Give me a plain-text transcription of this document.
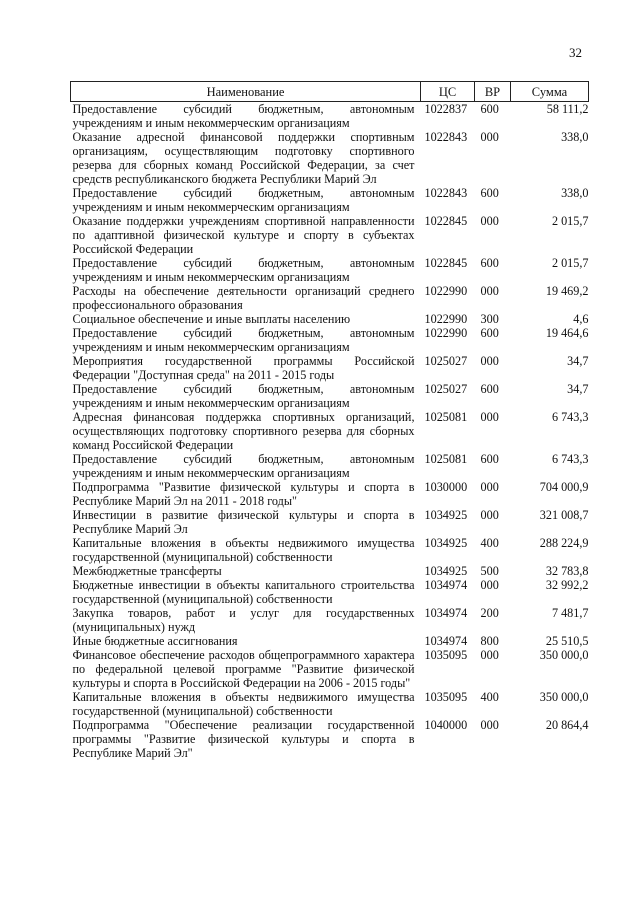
32
Наименование	ЦС	ВР	Сумма
Предоставление субсидий бюджетным, автономным учреждениям и иным некоммерческим организациям	1022837	600	58 111,2
Оказание адресной финансовой поддержки спортивным организациям, осуществляющим подготовку спортивного резерва для сборных команд Российской Федерации, за счет средств республиканского бюджета Республики Марий Эл	1022843	000	338,0
Предоставление субсидий бюджетным, автономным учреждениям и иным некоммерческим организациям	1022843	600	338,0
Оказание поддержки учреждениям спортивной направленности по адаптивной физической культуре и спорту в субъектах Российской Федерации	1022845	000	2 015,7
Предоставление субсидий бюджетным, автономным учреждениям и иным некоммерческим организациям	1022845	600	2 015,7
Расходы на обеспечение деятельности организаций среднего профессионального образования	1022990	000	19 469,2
Социальное обеспечение и иные выплаты населению	1022990	300	4,6
Предоставление субсидий бюджетным, автономным учреждениям и иным некоммерческим организациям	1022990	600	19 464,6
Мероприятия государственной программы Российской Федерации "Доступная среда" на 2011 - 2015 годы	1025027	000	34,7
Предоставление субсидий бюджетным, автономным учреждениям и иным некоммерческим организациям	1025027	600	34,7
Адресная финансовая поддержка спортивных организаций, осуществляющих подготовку спортивного резерва для сборных команд Российской Федерации	1025081	000	6 743,3
Предоставление субсидий бюджетным, автономным учреждениям и иным некоммерческим организациям	1025081	600	6 743,3
Подпрограмма "Развитие физической культуры и спорта в Республике Марий Эл на 2011 - 2018 годы"	1030000	000	704 000,9
Инвестиции в развитие физической культуры и спорта в Республике Марий Эл	1034925	000	321 008,7
Капитальные вложения в объекты недвижимого имущества государственной (муниципальной) собственности	1034925	400	288 224,9
Межбюджетные трансферты	1034925	500	32 783,8
Бюджетные инвестиции в объекты капитального строительства государственной (муниципальной) собственности	1034974	000	32 992,2
Закупка товаров, работ и услуг для государственных (муниципальных) нужд	1034974	200	7 481,7
Иные бюджетные ассигнования	1034974	800	25 510,5
Финансовое обеспечение расходов общепрограммного характера по федеральной целевой программе "Развитие физической культуры и спорта в Российской Федерации на 2006 - 2015 годы"	1035095	000	350 000,0
Капитальные вложения в объекты недвижимого имущества государственной (муниципальной) собственности	1035095	400	350 000,0
Подпрограмма "Обеспечение реализации государственной программы "Развитие физической культуры и спорта в Республике Марий Эл"	1040000	000	20 864,4
